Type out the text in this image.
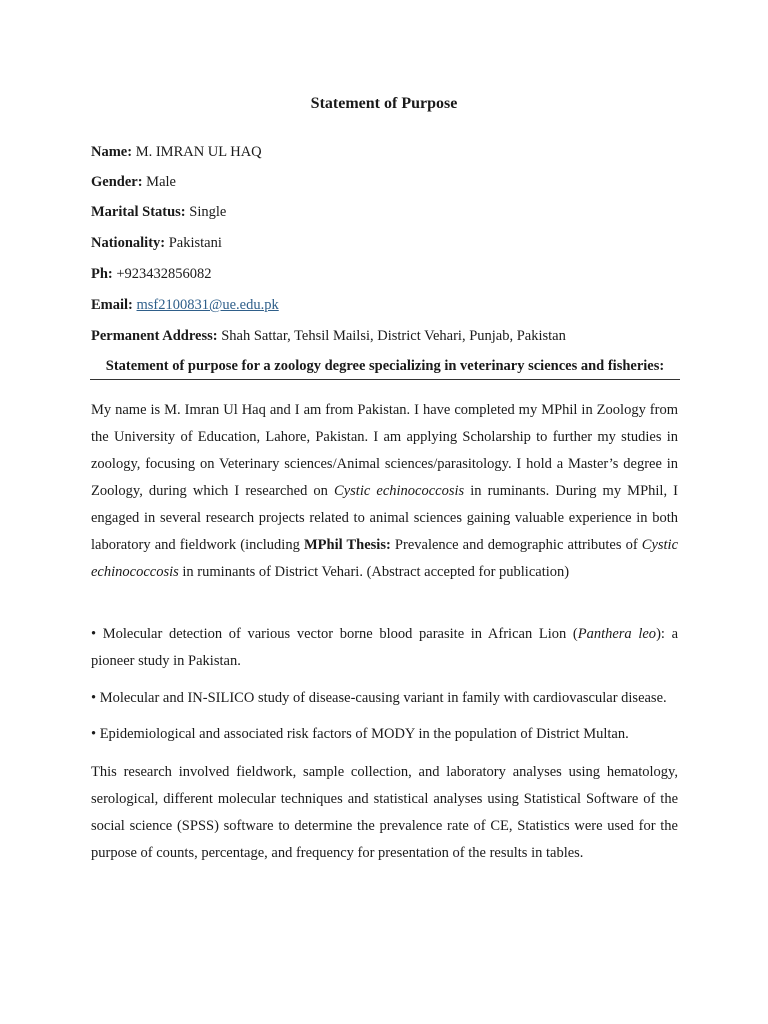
Statement of Purpose
Name: M. IMRAN UL HAQ
Gender: Male
Marital Status: Single
Nationality: Pakistani
Ph: +923432856082
Email: msf2100831@ue.edu.pk
Permanent Address: Shah Sattar, Tehsil Mailsi, District Vehari, Punjab, Pakistan
Statement of purpose for a zoology degree specializing in veterinary sciences and fisheries:
My name is M. Imran Ul Haq and I am from Pakistan. I have completed my MPhil in Zoology from the University of Education, Lahore, Pakistan. I am applying Scholarship to further my studies in zoology, focusing on Veterinary sciences/Animal sciences/parasitology. I hold a Master’s degree in Zoology, during which I researched on Cystic echinococcosis in ruminants. During my MPhil, I engaged in several research projects related to animal sciences gaining valuable experience in both laboratory and fieldwork (including MPhil Thesis: Prevalence and demographic attributes of Cystic echinococcosis in ruminants of District Vehari. (Abstract accepted for publication)
• Molecular detection of various vector borne blood parasite in African Lion (Panthera leo): a pioneer study in Pakistan.
• Molecular and IN-SILICO study of disease-causing variant in family with cardiovascular disease.
• Epidemiological and associated risk factors of MODY in the population of District Multan.
This research involved fieldwork, sample collection, and laboratory analyses using hematology, serological, different molecular techniques and statistical analyses using Statistical Software of the social science (SPSS) software to determine the prevalence rate of CE, Statistics were used for the purpose of counts, percentage, and frequency for presentation of the results in tables.
